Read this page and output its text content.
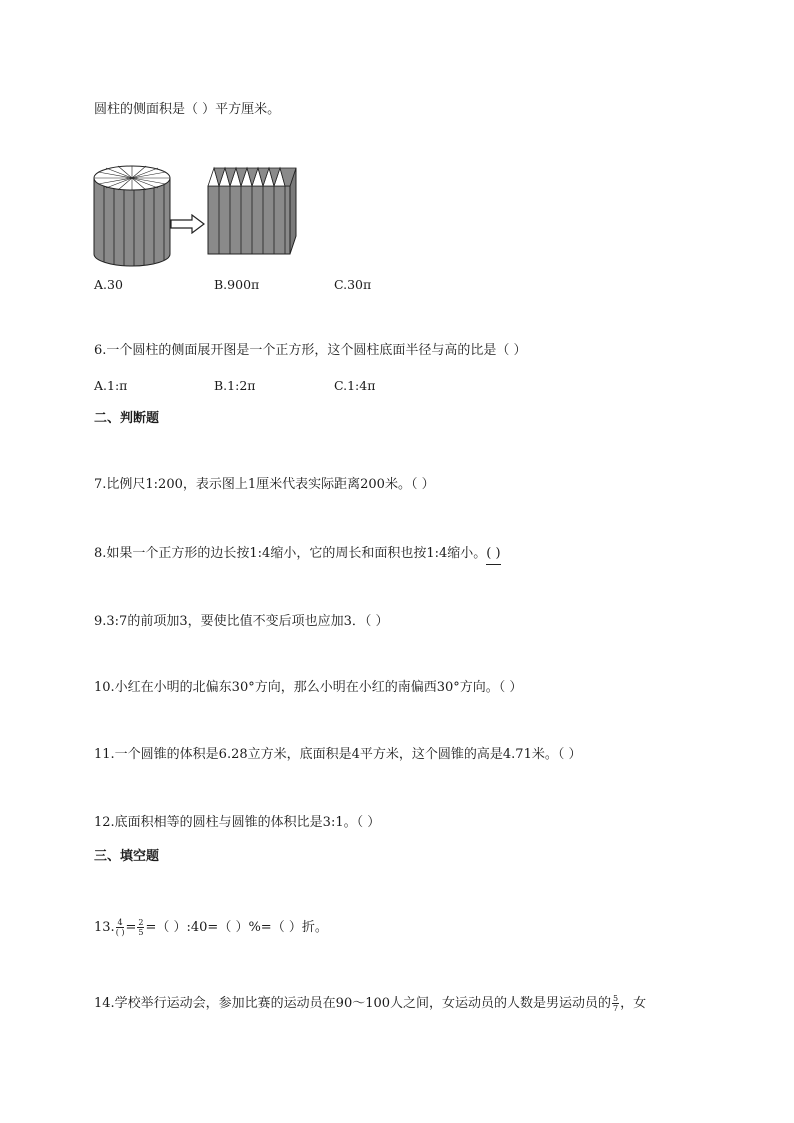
圆柱的侧面积是（ ）平方厘米。
A.30	B.900π	C.30π
6.一个圆柱的侧面展开图是一个正方形，这个圆柱底面半径与高的比是（ ）
A.1:π	B.1:2π	C.1:4π
二、判断题
7.比例尺1:200，表示图上1厘米代表实际距离200米。（ ）
8.如果一个正方形的边长按1:4缩小，它的周长和面积也按1:4缩小。( )
9.3:7的前项加3，要使比值不变后项也应加3．（ ）
10.小红在小明的北偏东30°方向，那么小明在小红的南偏西30°方向。（ ）
11.一个圆锥的体积是6.28立方米，底面积是4平方米，这个圆锥的高是4.71米。（ ）
12.底面积相等的圆柱与圆锥的体积比是3:1。（ ）
三、填空题
13. $\frac{4}{( )} = \frac{2}{5}$ =（ ）:40=（ ）%=（ ）折。
14.学校举行运动会，参加比赛的运动员在90～100人之间，女运动员的人数是男运动员的 $\frac{5}{7}$ ，女
